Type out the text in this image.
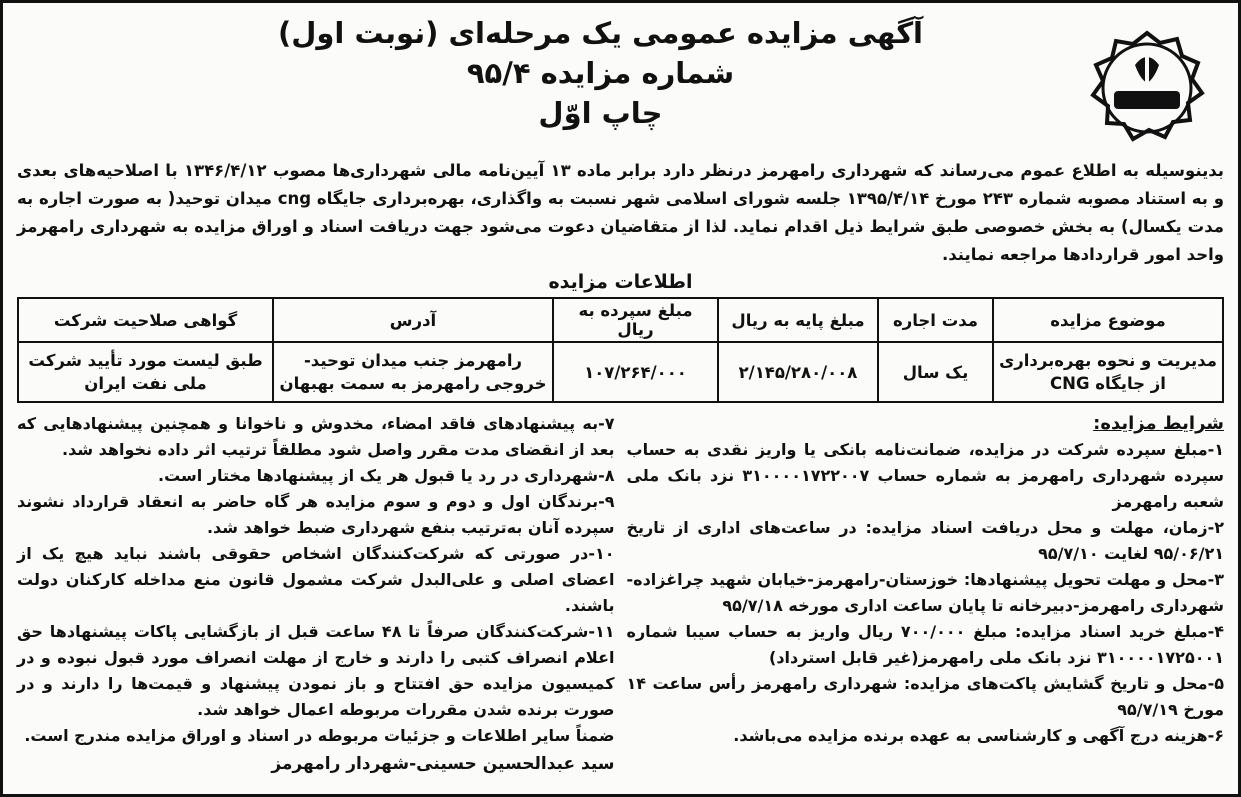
آگهی مزایده عمومی یک مرحله‌ای (نوبت اول)
شماره مزایده ۹۵/۴
چاپ اوّل
بدینوسیله به اطلاع عموم می‌رساند که شهرداری رامهرمز درنظر دارد برابر ماده ۱۳ آیین‌نامه مالی شهرداری‌ها مصوب ۱۳۴۶/۴/۱۲ با اصلاحیه‌های بعدی و به استناد مصوبه شماره ۲۴۳ مورخ ۱۳۹۵/۴/۱۴ جلسه شورای اسلامی شهر نسبت به واگذاری، بهره‌برداری جایگاه cng میدان توحید( به صورت اجاره به مدت یکسال) به بخش خصوصی طبق شرایط ذیل اقدام نماید. لذا از متقاضیان دعوت می‌شود جهت دریافت اسناد و اوراق مزایده به شهرداری رامهرمز واحد امور قراردادها مراجعه نمایند.
اطلاعات مزایده
موضوع مزایده	مدت اجاره	مبلغ پایه به ریال	مبلغ سپرده به ریال	آدرس	گواهی صلاحیت شرکت
مدیریت و نحوه بهره‌برداری از جایگاه CNG	یک سال	۲/۱۴۵/۲۸۰/۰۰۸	۱۰۷/۲۶۴/۰۰۰	رامهرمز جنب میدان توحید- خروجی رامهرمز به سمت بهبهان	طبق لیست مورد تأیید شرکت ملی نفت ایران
شرایط مزایده:

۱-مبلغ سپرده شرکت در مزایده، ضمانت‌نامه بانکی یا واریز نقدی به حساب سپرده شهرداری رامهرمز به شماره حساب ۳۱۰۰۰۰۱۷۲۲۰۰۷ نزد بانک ملی شعبه رامهرمز

۲-زمان، مهلت و محل دریافت اسناد مزایده: در ساعت‌های اداری از تاریخ ۹۵/۰۶/۲۱ لغایت ۹۵/۷/۱۰

۳-محل و مهلت تحویل پیشنهادها: خوزستان-رامهرمز-خیابان شهید چراغزاده-شهرداری رامهرمز-دبیرخانه تا پایان ساعت اداری مورخه ۹۵/۷/۱۸

۴-مبلغ خرید اسناد مزایده: مبلغ ۷۰۰/۰۰۰ ریال واریز به حساب سیبا شماره ۳۱۰۰۰۰۱۷۲۵۰۰۱ نزد بانک ملی رامهرمز(غیر قابل استرداد)

۵-محل و تاریخ گشایش پاکت‌های مزایده: شهرداری رامهرمز رأس ساعت ۱۴ مورخ ۹۵/۷/۱۹

۶-هزینه درج آگهی و کارشناسی به عهده برنده مزایده می‌باشد.

۷-به پیشنهادهای فاقد امضاء، مخدوش و ناخوانا و همچنین پیشنهادهایی که بعد از انقضای مدت مقرر واصل شود مطلقاً ترتیب اثر داده نخواهد شد.

۸-شهرداری در رد یا قبول هر یک از پیشنهادها مختار است.

۹-برندگان اول و دوم و سوم مزایده هر گاه حاضر به انعقاد قرارداد نشوند سپرده آنان به‌ترتیب بنفع شهرداری ضبط خواهد شد.

۱۰-در صورتی که شرکت‌کنندگان اشخاص حقوقی باشند نباید هیچ یک از اعضای اصلی و علی‌البدل شرکت مشمول قانون منع مداخله کارکنان دولت باشند.

۱۱-شرکت‌کنندگان صرفاً تا ۴۸ ساعت قبل از بازگشایی پاکات پیشنهادها حق اعلام انصراف کتبی را دارند و خارج از مهلت انصراف مورد قبول نبوده و در کمیسیون مزایده حق افتتاح و باز نمودن پیشنهاد و قیمت‌ها را دارند و در صورت برنده شدن مقررات مربوطه اعمال خواهد شد.

ضمناً سایر اطلاعات و جزئیات مربوطه در اسناد و اوراق مزایده مندرج است.

سید عبدالحسین حسینی-شهردار رامهرمز
